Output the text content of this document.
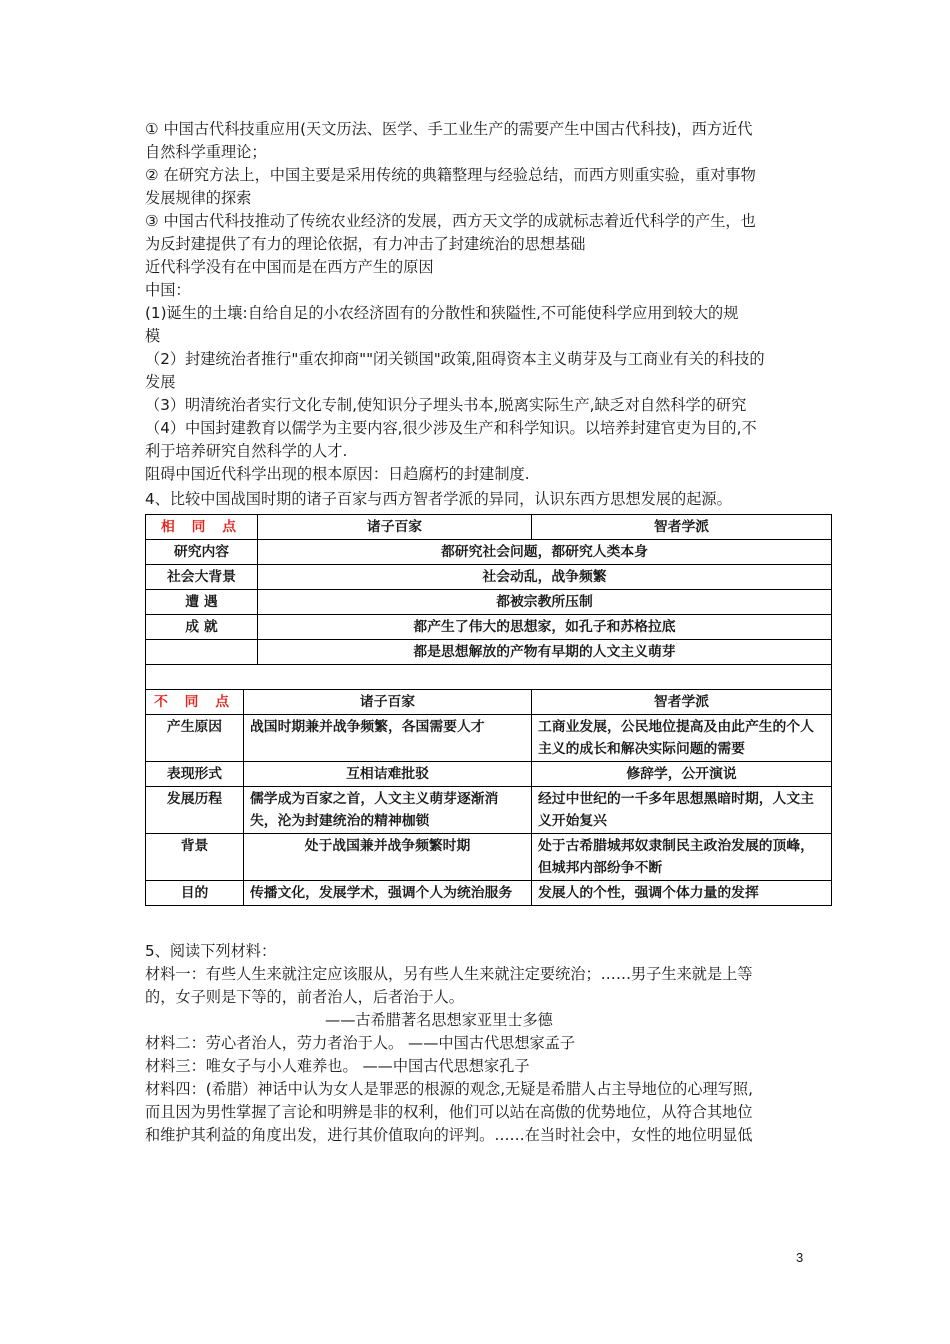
① 中国古代科技重应用(天文历法、医学、手工业生产的需要产生中国古代科技)，西方近代

自然科学重理论；

② 在研究方法上，中国主要是采用传统的典籍整理与经验总结，而西方则重实验，重对事物

发展规律的探索

③ 中国古代科技推动了传统农业经济的发展，西方天文学的成就标志着近代科学的产生，也

为反封建提供了有力的理论依据，有力冲击了封建统治的思想基础

近代科学没有在中国而是在西方产生的原因

中国：

(1)诞生的土壤:自给自足的小农经济固有的分散性和狭隘性,不可能使科学应用到较大的规

模

（2）封建统治者推行"重农抑商""闭关锁国"政策,阻碍资本主义萌芽及与工商业有关的科技的

发展

（3）明清统治者实行文化专制,使知识分子埋头书本,脱离实际生产,缺乏对自然科学的研究

（4）中国封建教育以儒学为主要内容,很少涉及生产和科学知识。以培养封建官吏为目的,不

利于培养研究自然科学的人才.

阻碍中国近代科学出现的根本原因：日趋腐朽的封建制度.

4、比较中国战国时期的诸子百家与西方智者学派的异同，认识东西方思想发展的起源。

相 同 点		诸子百家	智者学派
研究内容		都研究社会问题，都研究人类本身	
社会大背景		社会动乱，战争频繁	
遭 遇		都被宗教所压制	
成 就		都产生了伟大的思想家，如孔子和苏格拉底	
		都是思想解放的产物有早期的人文主义萌芽	

不 同 点	诸子百家		智者学派
产生原因	战国时期兼并战争频繁，各国需要人才		工商业发展，公民地位提高及由此产生的个人主义的成长和解决实际问题的需要
表现形式	互相诘难批驳		修辞学，公开演说
发展历程	儒学成为百家之首，人文主义萌芽逐渐消失，沦为封建统治的精神枷锁		经过中世纪的一千多年思想黑暗时期，人文主义开始复兴
背景	处于战国兼并战争频繁时期		处于古希腊城邦奴隶制民主政治发展的顶峰，但城邦内部纷争不断
目的	传播文化，发展学术，强调个人为统治服务		发展人的个性，强调个体力量的发挥

5、阅读下列材料：

材料一：有些人生来就注定应该服从，另有些人生来就注定要统治；……男子生来就是上等

的，女子则是下等的，前者治人，后者治于人。

——古希腊著名思想家亚里士多德

材料二：劳心者治人，劳力者治于人。 ——中国古代思想家孟子

材料三：唯女子与小人难养也。 ——中国古代思想家孔子

材料四：(希腊）神话中认为女人是罪恶的根源的观念,无疑是希腊人占主导地位的心理写照,

而且因为男性掌握了言论和明辨是非的权利，他们可以站在高傲的优势地位，从符合其地位

和维护其利益的角度出发，进行其价值取向的评判。……在当时社会中，女性的地位明显低

3
